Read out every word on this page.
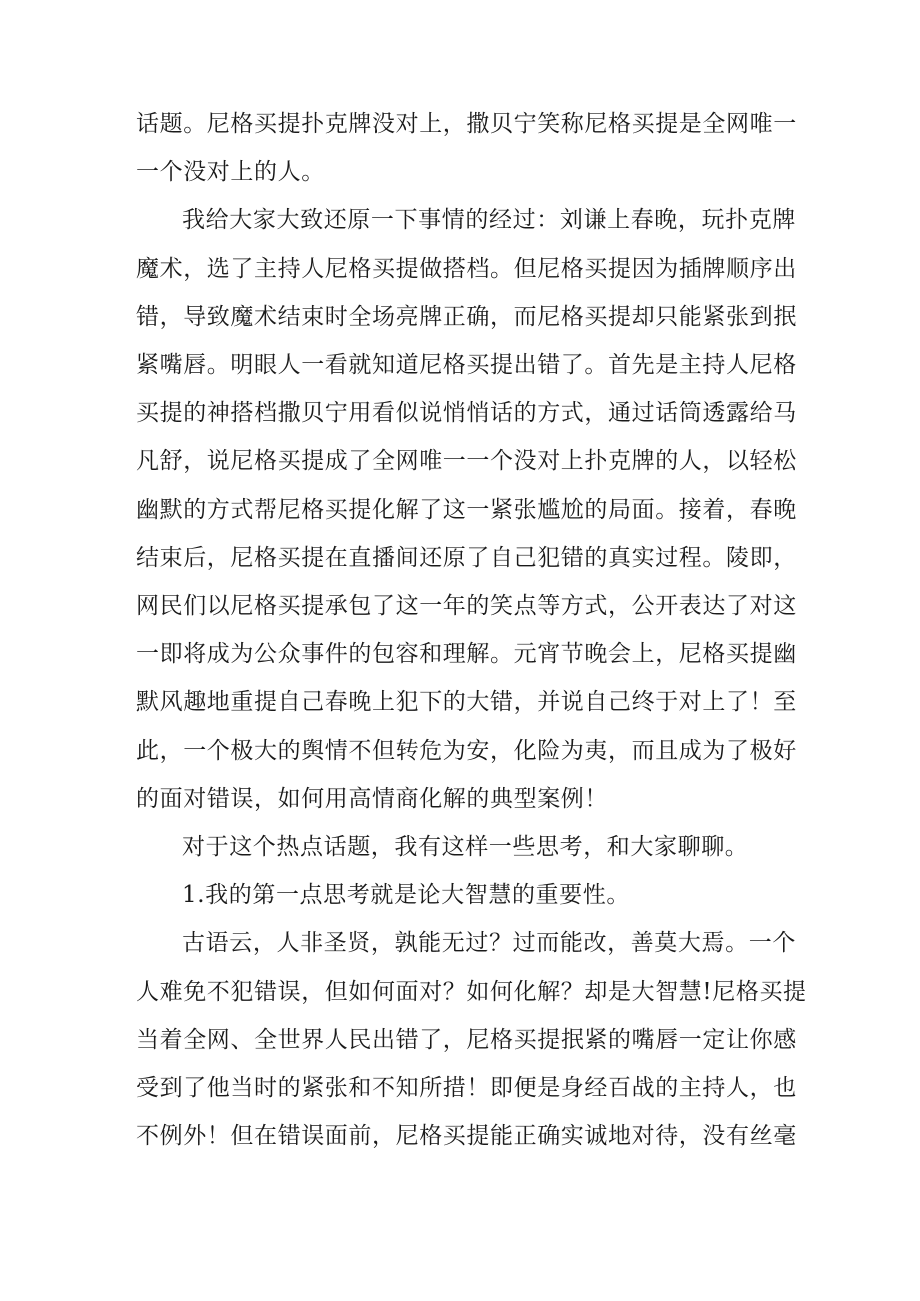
话题。尼格买提扑克牌没对上，撒贝宁笑称尼格买提是全网唯一
一个没对上的人。
我给大家大致还原一下事情的经过：刘谦上春晚，玩扑克牌
魔术，选了主持人尼格买提做搭档。但尼格买提因为插牌顺序出
错，导致魔术结束时全场亮牌正确，而尼格买提却只能紧张到抿
紧嘴唇。明眼人一看就知道尼格买提出错了。首先是主持人尼格
买提的神搭档撒贝宁用看似说悄悄话的方式，通过话筒透露给马
凡舒，说尼格买提成了全网唯一一个没对上扑克牌的人，以轻松
幽默的方式帮尼格买提化解了这一紧张尴尬的局面。接着，春晚
结束后，尼格买提在直播间还原了自己犯错的真实过程。陵即，
网民们以尼格买提承包了这一年的笑点等方式，公开表达了对这
一即将成为公众事件的包容和理解。元宵节晚会上，尼格买提幽
默风趣地重提自己春晚上犯下的大错，并说自己终于对上了！至
此，一个极大的舆情不但转危为安，化险为夷，而且成为了极好
的面对错误，如何用高情商化解的典型案例！
对于这个热点话题，我有这样一些思考，和大家聊聊。
1.我的第一点思考就是论大智慧的重要性。
古语云，人非圣贤，孰能无过？过而能改，善莫大焉。一个
人难免不犯错误，但如何面对？如何化解？却是大智慧!尼格买提
当着全网、全世界人民出错了，尼格买提抿紧的嘴唇一定让你感
受到了他当时的紧张和不知所措！即便是身经百战的主持人，也
不例外！但在错误面前，尼格买提能正确实诚地对待，没有丝毫
